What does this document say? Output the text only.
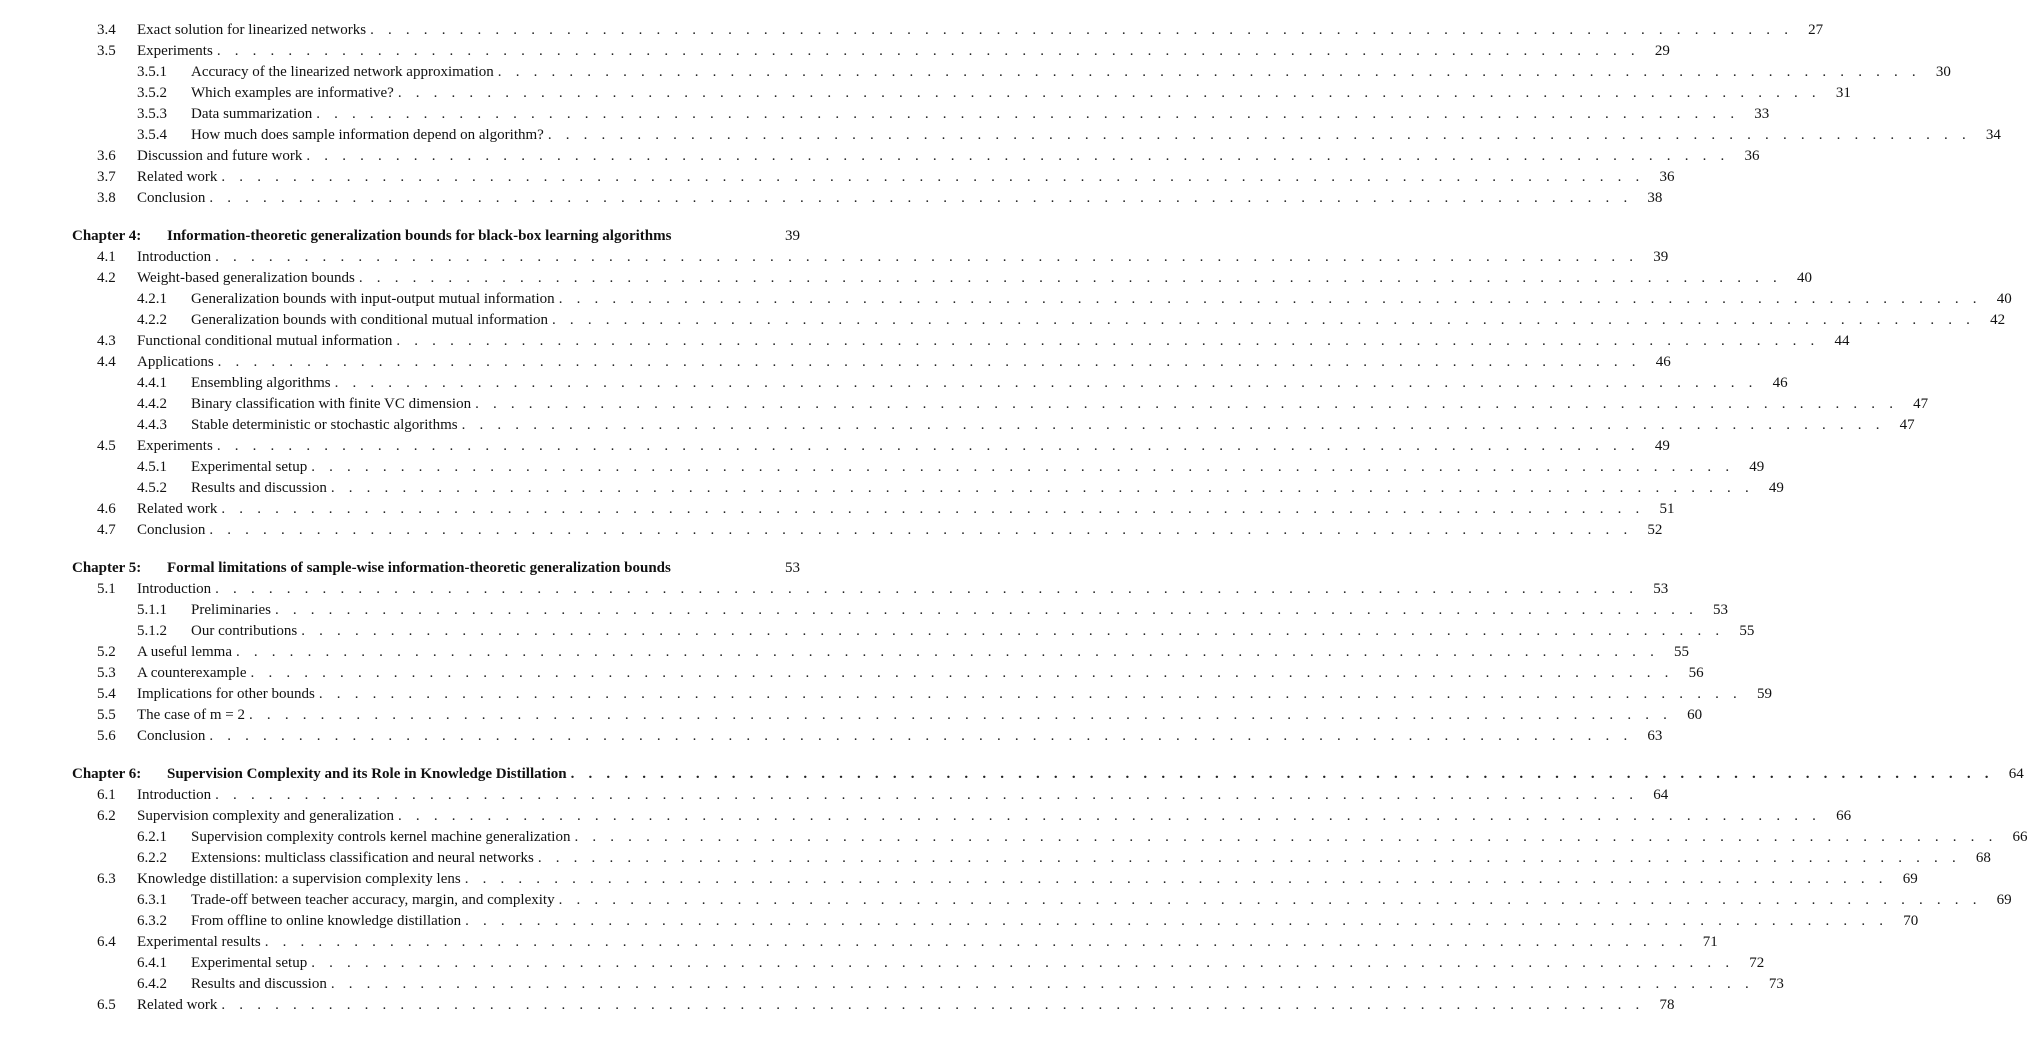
3.4 Exact solution for linearized networks . . . . . . . . . . . . . . . . . . . . . . . . . . . . . . . . . . . . . . . . . . . . . . . . . . . . . . . . . . . . . . . . . . . . . . . . . . . . . . . .	27
3.5 Experiments . . . . . . . . . . . . . . . . . . . . . . . . . . . . . . . . . . . . . . . . . . . . . . . . . . . . . . . . . . . . . . . . . . . . . . . . . . . . . . . .	29
3.5.1 Accuracy of the linearized network approximation . . . . . . . . . . . . . . . . . . . . . . . . . . . . . . . . . . . . . . . . . . . . . . . . . . . . . . . . . . . . . . . . . . . . . . . . . . . . . . . .	30
3.5.2 Which examples are informative? . . . . . . . . . . . . . . . . . . . . . . . . . . . . . . . . . . . . . . . . . . . . . . . . . . . . . . . . . . . . . . . . . . . . . . . . . . . . . . . .	31
3.5.3 Data summarization . . . . . . . . . . . . . . . . . . . . . . . . . . . . . . . . . . . . . . . . . . . . . . . . . . . . . . . . . . . . . . . . . . . . . . . . . . . . . . . .	33
3.5.4 How much does sample information depend on algorithm? . . . . . . . . . . . . . . . . . . . . . . . . . . . . . . . . . . . . . . . . . . . . . . . . . . . . . . . . . . . . . . . . . . . . . . . . . . . . . . . .	34
3.6 Discussion and future work . . . . . . . . . . . . . . . . . . . . . . . . . . . . . . . . . . . . . . . . . . . . . . . . . . . . . . . . . . . . . . . . . . . . . . . . . . . . . . . .	36
3.7 Related work . . . . . . . . . . . . . . . . . . . . . . . . . . . . . . . . . . . . . . . . . . . . . . . . . . . . . . . . . . . . . . . . . . . . . . . . . . . . . . . .	36
3.8 Conclusion . . . . . . . . . . . . . . . . . . . . . . . . . . . . . . . . . . . . . . . . . . . . . . . . . . . . . . . . . . . . . . . . . . . . . . . . . . . . . . . .	38
Chapter 4: Information-theoretic generalization bounds for black-box learning algorithms	39
4.1 Introduction . . . . . . . . . . . . . . . . . . . . . . . . . . . . . . . . . . . . . . . . . . . . . . . . . . . . . . . . . . . . . . . . . . . . . . . . . . . . . . . .	39
4.2 Weight-based generalization bounds . . . . . . . . . . . . . . . . . . . . . . . . . . . . . . . . . . . . . . . . . . . . . . . . . . . . . . . . . . . . . . . . . . . . . . . . . . . . . . . .	40
4.2.1 Generalization bounds with input-output mutual information . . . . . . . . . . . . . . . . . . . . . . . . . . . . . . . . . . . . . . . . . . . . . . . . . . . . . . . . . . . . . . . . . . . . . . . . . . . . . . . .	40
4.2.2 Generalization bounds with conditional mutual information . . . . . . . . . . . . . . . . . . . . . . . . . . . . . . . . . . . . . . . . . . . . . . . . . . . . . . . . . . . . . . . . . . . . . . . . . . . . . . . .	42
4.3 Functional conditional mutual information . . . . . . . . . . . . . . . . . . . . . . . . . . . . . . . . . . . . . . . . . . . . . . . . . . . . . . . . . . . . . . . . . . . . . . . . . . . . . . . .	44
4.4 Applications . . . . . . . . . . . . . . . . . . . . . . . . . . . . . . . . . . . . . . . . . . . . . . . . . . . . . . . . . . . . . . . . . . . . . . . . . . . . . . . .	46
4.4.1 Ensembling algorithms . . . . . . . . . . . . . . . . . . . . . . . . . . . . . . . . . . . . . . . . . . . . . . . . . . . . . . . . . . . . . . . . . . . . . . . . . . . . . . . .	46
4.4.2 Binary classification with finite VC dimension . . . . . . . . . . . . . . . . . . . . . . . . . . . . . . . . . . . . . . . . . . . . . . . . . . . . . . . . . . . . . . . . . . . . . . . . . . . . . . . .	47
4.4.3 Stable deterministic or stochastic algorithms . . . . . . . . . . . . . . . . . . . . . . . . . . . . . . . . . . . . . . . . . . . . . . . . . . . . . . . . . . . . . . . . . . . . . . . . . . . . . . . .	47
4.5 Experiments . . . . . . . . . . . . . . . . . . . . . . . . . . . . . . . . . . . . . . . . . . . . . . . . . . . . . . . . . . . . . . . . . . . . . . . . . . . . . . . .	49
4.5.1 Experimental setup . . . . . . . . . . . . . . . . . . . . . . . . . . . . . . . . . . . . . . . . . . . . . . . . . . . . . . . . . . . . . . . . . . . . . . . . . . . . . . . .	49
4.5.2 Results and discussion . . . . . . . . . . . . . . . . . . . . . . . . . . . . . . . . . . . . . . . . . . . . . . . . . . . . . . . . . . . . . . . . . . . . . . . . . . . . . . . .	49
4.6 Related work . . . . . . . . . . . . . . . . . . . . . . . . . . . . . . . . . . . . . . . . . . . . . . . . . . . . . . . . . . . . . . . . . . . . . . . . . . . . . . . .	51
4.7 Conclusion . . . . . . . . . . . . . . . . . . . . . . . . . . . . . . . . . . . . . . . . . . . . . . . . . . . . . . . . . . . . . . . . . . . . . . . . . . . . . . . .	52
Chapter 5: Formal limitations of sample-wise information-theoretic generalization bounds	53
5.1 Introduction . . . . . . . . . . . . . . . . . . . . . . . . . . . . . . . . . . . . . . . . . . . . . . . . . . . . . . . . . . . . . . . . . . . . . . . . . . . . . . . .	53
5.1.1 Preliminaries . . . . . . . . . . . . . . . . . . . . . . . . . . . . . . . . . . . . . . . . . . . . . . . . . . . . . . . . . . . . . . . . . . . . . . . . . . . . . . . .	53
5.1.2 Our contributions . . . . . . . . . . . . . . . . . . . . . . . . . . . . . . . . . . . . . . . . . . . . . . . . . . . . . . . . . . . . . . . . . . . . . . . . . . . . . . . .	55
5.2 A useful lemma . . . . . . . . . . . . . . . . . . . . . . . . . . . . . . . . . . . . . . . . . . . . . . . . . . . . . . . . . . . . . . . . . . . . . . . . . . . . . . . .	55
5.3 A counterexample . . . . . . . . . . . . . . . . . . . . . . . . . . . . . . . . . . . . . . . . . . . . . . . . . . . . . . . . . . . . . . . . . . . . . . . . . . . . . . . .	56
5.4 Implications for other bounds . . . . . . . . . . . . . . . . . . . . . . . . . . . . . . . . . . . . . . . . . . . . . . . . . . . . . . . . . . . . . . . . . . . . . . . . . . . . . . . .	59
5.5 The case of m = 2 . . . . . . . . . . . . . . . . . . . . . . . . . . . . . . . . . . . . . . . . . . . . . . . . . . . . . . . . . . . . . . . . . . . . . . . . . . . . . . . .	60
5.6 Conclusion . . . . . . . . . . . . . . . . . . . . . . . . . . . . . . . . . . . . . . . . . . . . . . . . . . . . . . . . . . . . . . . . . . . . . . . . . . . . . . . .	63
Chapter 6: Supervision Complexity and its Role in Knowledge Distillation . . . . . . . . . . . . . . . . . . . . . . . . . . . . . . . . . . . . . . . . . . . . . . . . . . . . . . . . . . . . . . . . . . . . . . . . . . . . . . . .	64
6.1 Introduction . . . . . . . . . . . . . . . . . . . . . . . . . . . . . . . . . . . . . . . . . . . . . . . . . . . . . . . . . . . . . . . . . . . . . . . . . . . . . . . .	64
6.2 Supervision complexity and generalization . . . . . . . . . . . . . . . . . . . . . . . . . . . . . . . . . . . . . . . . . . . . . . . . . . . . . . . . . . . . . . . . . . . . . . . . . . . . . . . .	66
6.2.1 Supervision complexity controls kernel machine generalization . . . . . . . . . . . . . . . . . . . . . . . . . . . . . . . . . . . . . . . . . . . . . . . . . . . . . . . . . . . . . . . . . . . . . . . . . . . . . . . .	66
6.2.2 Extensions: multiclass classification and neural networks . . . . . . . . . . . . . . . . . . . . . . . . . . . . . . . . . . . . . . . . . . . . . . . . . . . . . . . . . . . . . . . . . . . . . . . . . . . . . . . .	68
6.3 Knowledge distillation: a supervision complexity lens . . . . . . . . . . . . . . . . . . . . . . . . . . . . . . . . . . . . . . . . . . . . . . . . . . . . . . . . . . . . . . . . . . . . . . . . . . . . . . . .	69
6.3.1 Trade-off between teacher accuracy, margin, and complexity . . . . . . . . . . . . . . . . . . . . . . . . . . . . . . . . . . . . . . . . . . . . . . . . . . . . . . . . . . . . . . . . . . . . . . . . . . . . . . . .	69
6.3.2 From offline to online knowledge distillation . . . . . . . . . . . . . . . . . . . . . . . . . . . . . . . . . . . . . . . . . . . . . . . . . . . . . . . . . . . . . . . . . . . . . . . . . . . . . . . .	70
6.4 Experimental results . . . . . . . . . . . . . . . . . . . . . . . . . . . . . . . . . . . . . . . . . . . . . . . . . . . . . . . . . . . . . . . . . . . . . . . . . . . . . . . .	71
6.4.1 Experimental setup . . . . . . . . . . . . . . . . . . . . . . . . . . . . . . . . . . . . . . . . . . . . . . . . . . . . . . . . . . . . . . . . . . . . . . . . . . . . . . . .	72
6.4.2 Results and discussion . . . . . . . . . . . . . . . . . . . . . . . . . . . . . . . . . . . . . . . . . . . . . . . . . . . . . . . . . . . . . . . . . . . . . . . . . . . . . . . .	73
6.5 Related work . . . . . . . . . . . . . . . . . . . . . . . . . . . . . . . . . . . . . . . . . . . . . . . . . . . . . . . . . . . . . . . . . . . . . . . . . . . . . . . .	78
